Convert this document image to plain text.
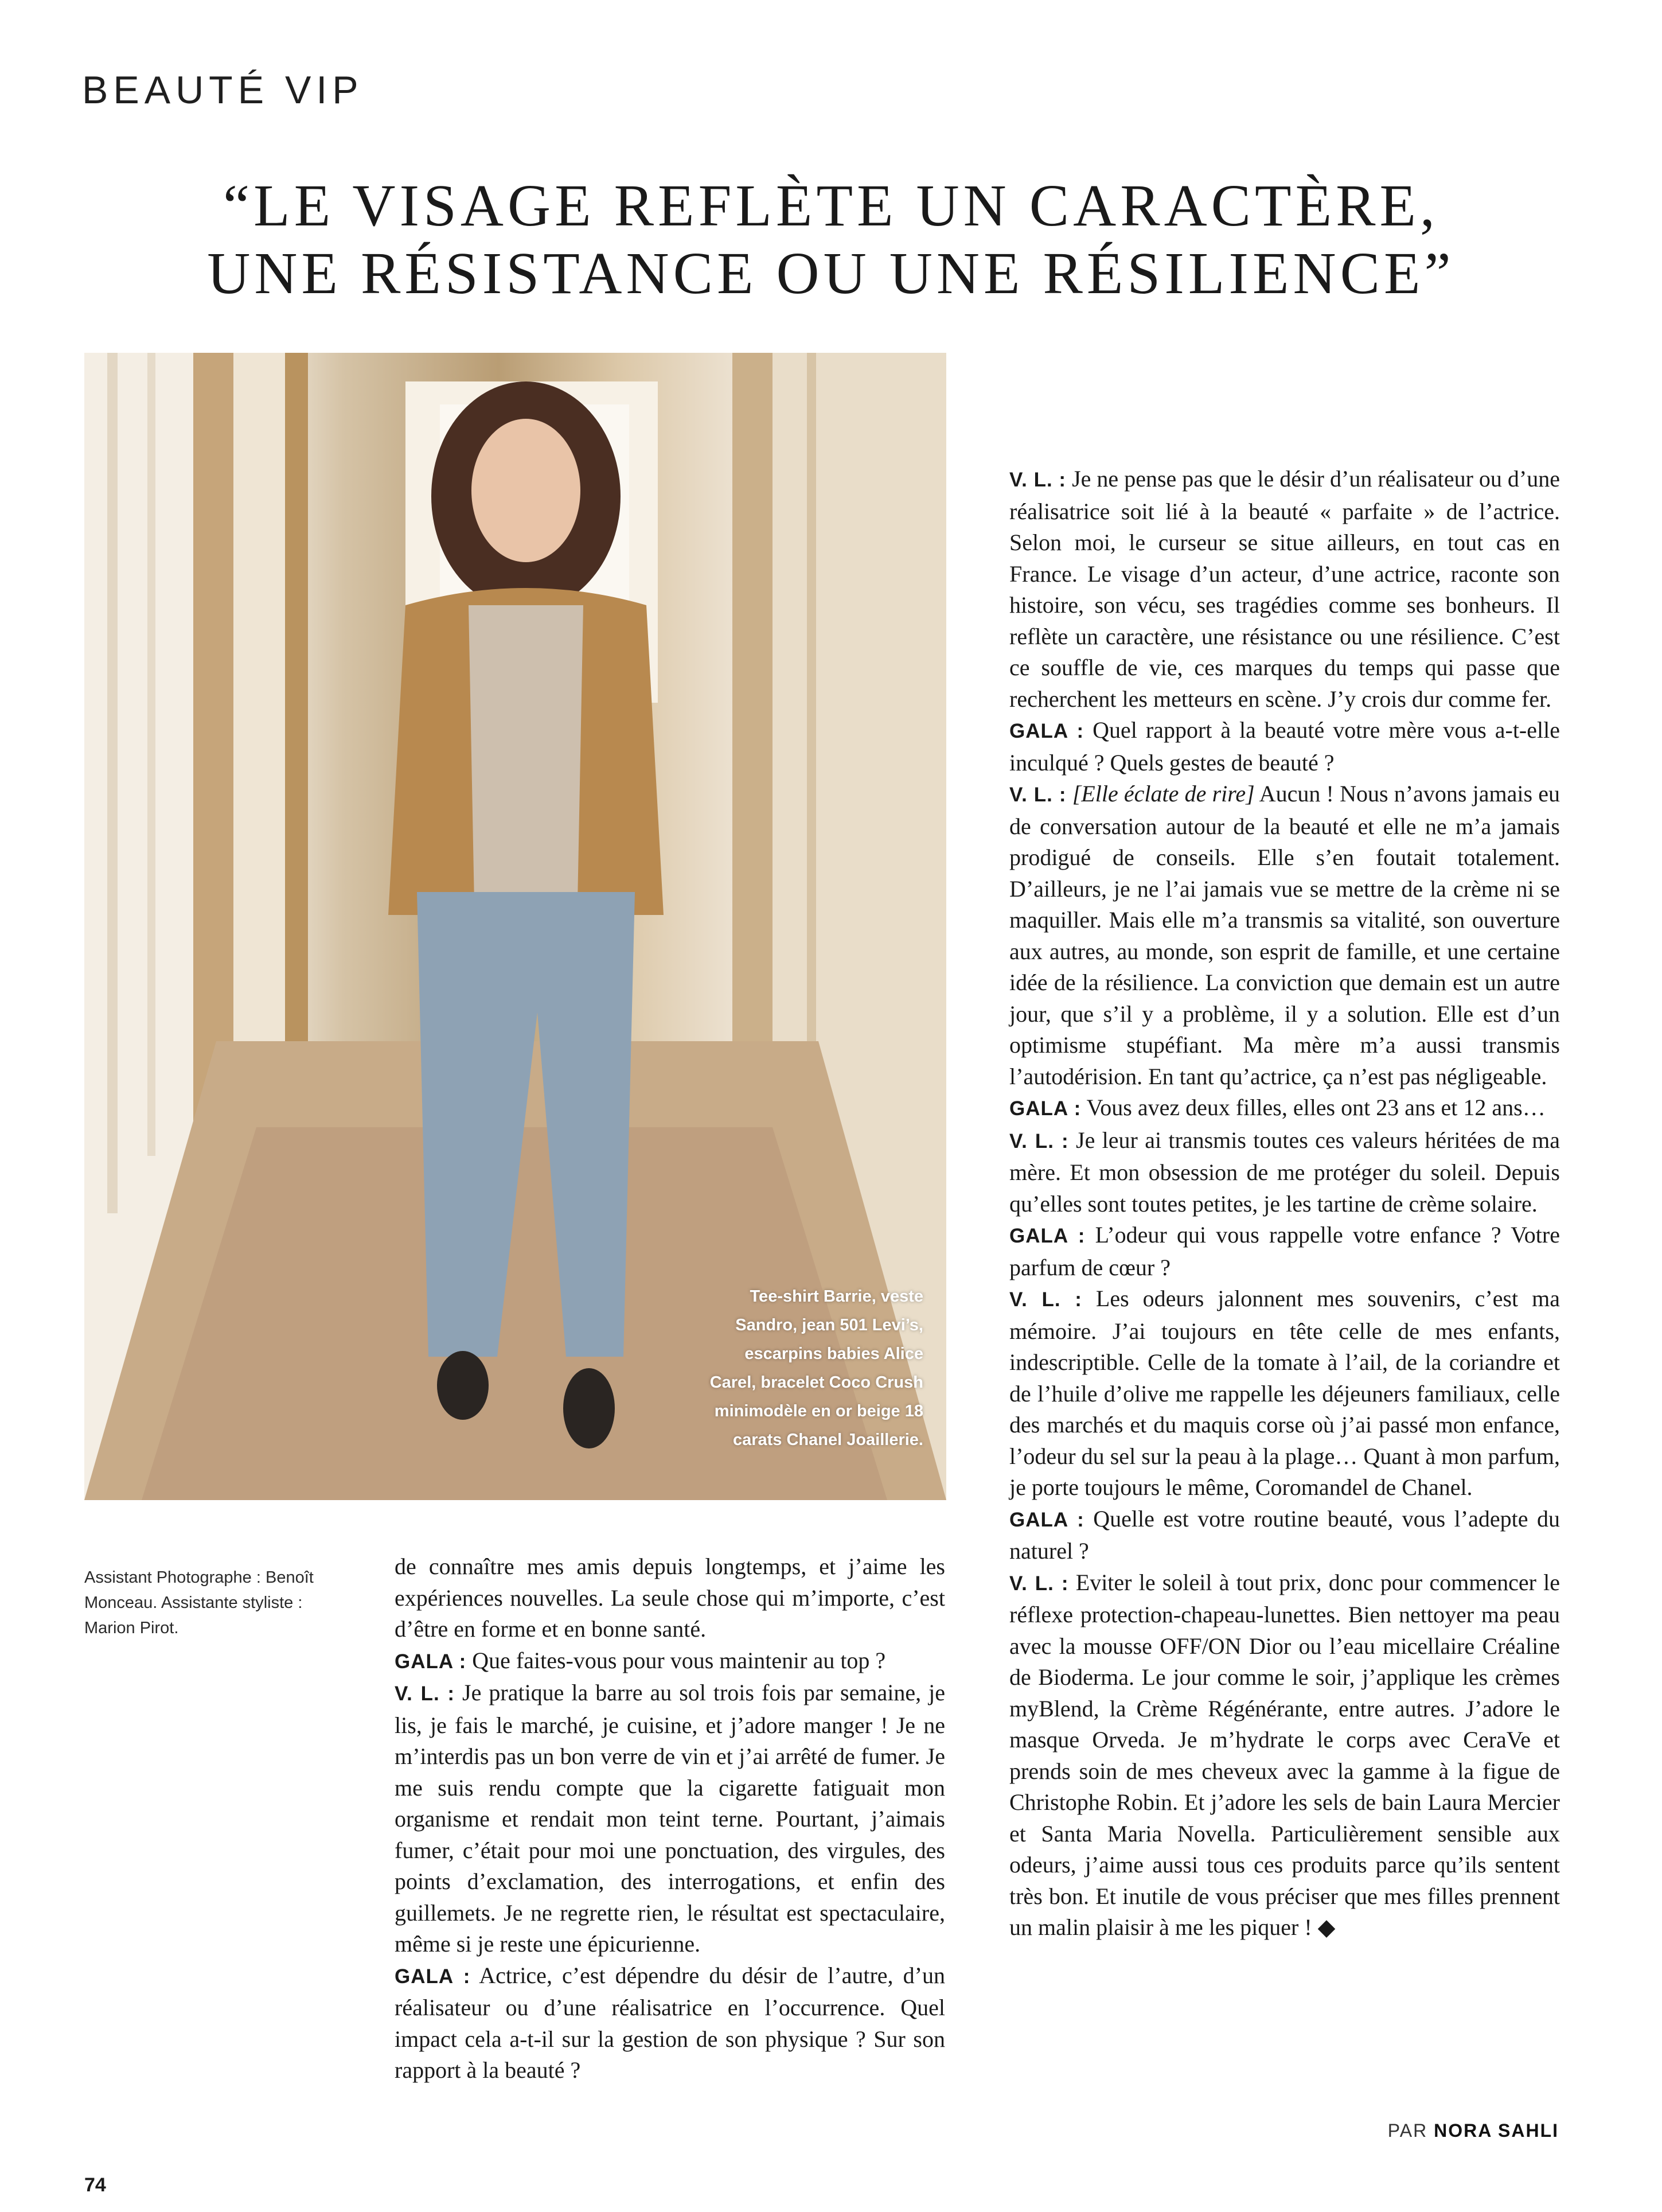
BEAUTÉ VIP
“LE VISAGE REFLÈTE UN CARACTÈRE,
UNE RÉSISTANCE OU UNE RÉSILIENCE”
Tee-shirt Barrie, veste Sandro, jean 501 Levi’s, escarpins babies Alice Carel, bracelet Coco Crush minimodèle en or beige 18 carats Chanel Joaillerie.
Assistant Photographe : Benoît Monceau. Assistante styliste : Marion Pirot.

de connaître mes amis depuis longtemps, et j’aime les expériences nouvelles. La seule chose qui m’importe, c’est d’être en forme et en bonne santé.
GALA : Que faites-vous pour vous maintenir au top ?
V. L. : Je pratique la barre au sol trois fois par semaine, je lis, je fais le marché, je cuisine, et j’adore manger ! Je ne m’interdis pas un bon verre de vin et j’ai arrêté de fumer. Je me suis rendu compte que la cigarette fatiguait mon organisme et rendait mon teint terne. Pourtant, j’aimais fumer, c’était pour moi une ponctuation, des virgules, des points d’exclamation, des interrogations, et enfin des guillemets. Je ne regrette rien, le résultat est spectaculaire, même si je reste une épicurienne.
GALA : Actrice, c’est dépendre du désir de l’autre, d’un réalisateur ou d’une réalisatrice en l’occurrence. Quel impact cela a-t-il sur la gestion de son physique ? Sur son rapport à la beauté ?

V. L. : Je ne pense pas que le désir d’un réalisateur ou d’une réalisatrice soit lié à la beauté « parfaite » de l’actrice. Selon moi, le curseur se situe ailleurs, en tout cas en France. Le visage d’un acteur, d’une actrice, raconte son histoire, son vécu, ses tragédies comme ses bonheurs. Il reflète un caractère, une résistance ou une résilience. C’est ce souffle de vie, ces marques du temps qui passe que recherchent les metteurs en scène. J’y crois dur comme fer.
GALA : Quel rapport à la beauté votre mère vous a-t-elle inculqué ? Quels gestes de beauté ?
V. L. : [Elle éclate de rire] Aucun ! Nous n’avons jamais eu de conversation autour de la beauté et elle ne m’a jamais prodigué de conseils. Elle s’en foutait totalement. D’ailleurs, je ne l’ai jamais vue se mettre de la crème ni se maquiller. Mais elle m’a transmis sa vitalité, son ouverture aux autres, au monde, son esprit de famille, et une certaine idée de la résilience. La conviction que demain est un autre jour, que s’il y a problème, il y a solution. Elle est d’un optimisme stupéfiant. Ma mère m’a aussi transmis l’autodérision. En tant qu’actrice, ça n’est pas négligeable.
GALA : Vous avez deux filles, elles ont 23 ans et 12 ans…
V. L. : Je leur ai transmis toutes ces valeurs héritées de ma mère. Et mon obsession de me protéger du soleil. Depuis qu’elles sont toutes petites, je les tartine de crème solaire.
GALA : L’odeur qui vous rappelle votre enfance ? Votre parfum de cœur ?
V. L. : Les odeurs jalonnent mes souvenirs, c’est ma mémoire. J’ai toujours en tête celle de mes enfants, indescriptible. Celle de la tomate à l’ail, de la coriandre et de l’huile d’olive me rappelle les déjeuners familiaux, celle des marchés et du maquis corse où j’ai passé mon enfance, l’odeur du sel sur la peau à la plage… Quant à mon parfum, je porte toujours le même, Coromandel de Chanel.
GALA : Quelle est votre routine beauté, vous l’adepte du naturel ?
V. L. : Eviter le soleil à tout prix, donc pour commencer le réflexe protection-chapeau-lunettes. Bien nettoyer ma peau avec la mousse OFF/ON Dior ou l’eau micellaire Créaline de Bioderma. Le jour comme le soir, j’applique les crèmes myBlend, la Crème Régénérante, entre autres. J’adore le masque Orveda. Je m’hydrate le corps avec CeraVe et prends soin de mes cheveux avec la gamme à la figue de Christophe Robin. Et j’adore les sels de bain Laura Mercier et Santa Maria Novella. Particulièrement sensible aux odeurs, j’aime aussi tous ces produits parce qu’ils sentent très bon. Et inutile de vous préciser que mes filles prennent un malin plaisir à me les piquer ! ◆

PAR NORA SAHLI
74
